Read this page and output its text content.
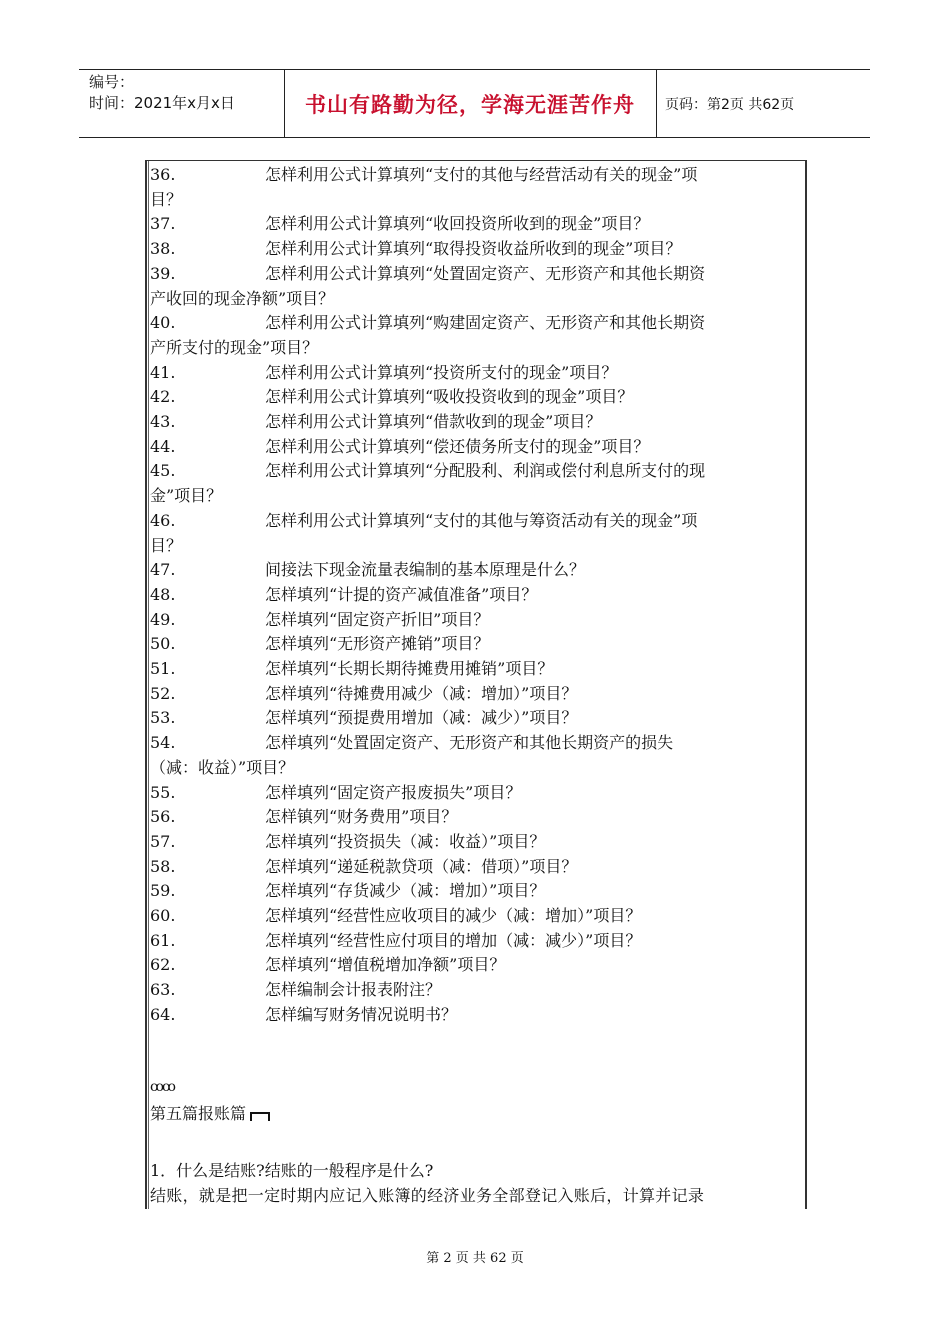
编号：
时间：2021年x月x日	书山有路勤为径，学海无涯苦作舟	页码：第2页 共62页
36.	怎样利用公式计算填列“支付的其他与经营活动有关的现金”项
目？
37.	怎样利用公式计算填列“收回投资所收到的现金”项目？
38.	怎样利用公式计算填列“取得投资收益所收到的现金”项目？
39.	怎样利用公式计算填列“处置固定资产、无形资产和其他长期资
产收回的现金净额”项目？
40.	怎样利用公式计算填列“购建固定资产、无形资产和其他长期资
产所支付的现金”项目？
41.	怎样利用公式计算填列“投资所支付的现金”项目？
42.	怎样利用公式计算填列“吸收投资收到的现金”项目？
43.	怎样利用公式计算填列“借款收到的现金”项目？
44.	怎样利用公式计算填列“偿还债务所支付的现金”项目？
45.	怎样利用公式计算填列“分配股利、利润或偿付利息所支付的现
金”项目？
46.	怎样利用公式计算填列“支付的其他与筹资活动有关的现金”项
目？
47.	间接法下现金流量表编制的基本原理是什么？
48.	怎样填列“计提的资产减值准备”项目？
49.	怎样填列“固定资产折旧”项目？
50.	怎样填列“无形资产摊销”项目？
51.	怎样填列“长期长期待摊费用摊销”项目？
52.	怎样填列“待摊费用减少（减：增加）”项目？
53.	怎样填列“预提费用增加（减：减少）”项目？
54.	怎样填列“处置固定资产、无形资产和其他长期资产的损失
（减：收益）”项目？
55.	怎样填列“固定资产报废损失”项目？
56.	怎样镇列“财务费用”项目？
57.	怎样填列“投资损失（减：收益）”项目？
58.	怎样填列“递延税款贷项（减：借项）”项目？
59.	怎样填列“存货减少（减：增加）”项目？
60.	怎样填列“经营性应收项目的减少（减：增加）”项目？
61.	怎样填列“经营性应付项目的增加（减：减少）”项目？
62.	怎样填列“增值税增加净额”项目？
63.	怎样编制会计报表附注？
64.	怎样编写财务情况说明书？
ꝏꝏ
第五篇报账篇
1．什么是结账?结账的一般程序是什么?
结账，就是把一定时期内应记入账簿的经济业务全部登记入账后，计算并记录
第 2 页 共 62 页
